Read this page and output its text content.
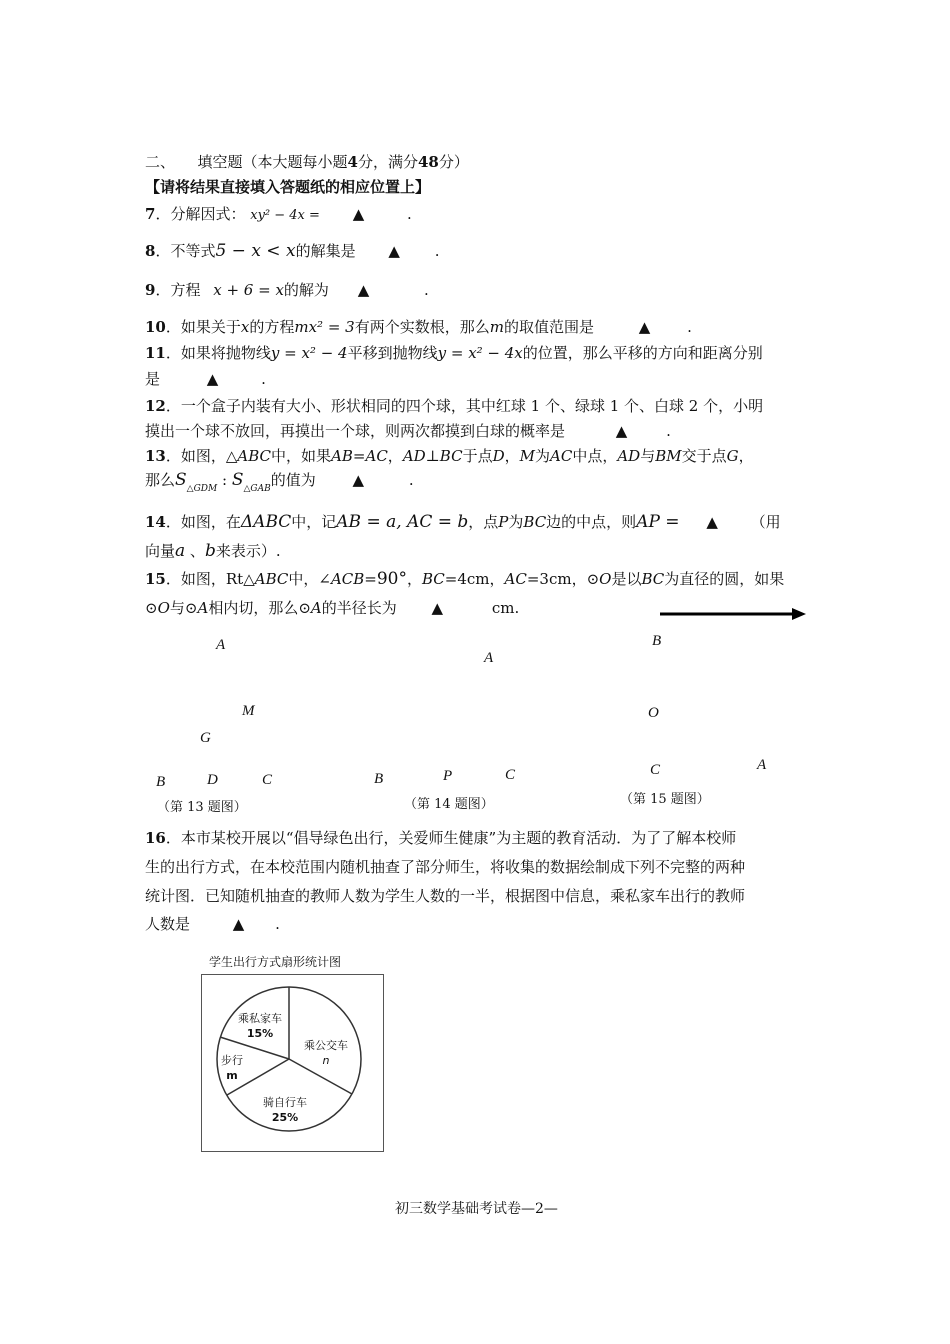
二、　　填空题（本大题每小题4分，满分48分）
【请将结果直接填入答题纸的相应位置上】
7．分解因式： xy² − 4x = ▲	.
8．不等式5 − x < x的解集是 ▲ .
9．方程 x + 6 = x的解为 ▲	.
10．如果关于x的方程mx² = 3有两个实数根，那么m的取值范围是	▲ .
11．如果将抛物线y = x² − 4平移到抛物线y = x² − 4x的位置，那么平移的方向和距离分别
是	▲	.
12．一个盒子内装有大小、形状相同的四个球，其中红球 1 个、绿球 1 个、白球 2 个，小明
摸出一个球不放回，再摸出一个球，则两次都摸到白球的概率是	▲	.
13．如图，△ABC中，如果AB=AC，AD⊥BC于点D，M为AC中点，AD与BM交于点G，
那么$S_{\triangle GDM}$ : $S_{\triangle GAB}$的值为 ▲	.
14．如图，在ΔABC中，记AB = a, AC = b，点P为BC边的中点，则AP = ▲ （用
向量a 、b来表示）.
15．如图，Rt△ABC中，∠ACB=90°，BC=4cm，AC=3cm，⊙O是以BC为直径的圆，如果
⊙O与⊙A相内切，那么⊙A的半径长为 ▲	cm.
A
M
G
B	D	C
（第 13 题图）
A
B	P	C
（第 14 题图）
B
O
C	A
（第 15 题图）
16．本市某校开展以“倡导绿色出行，关爱师生健康”为主题的教育活动．为了了解本校师
生的出行方式，在本校范围内随机抽查了部分师生，将收集的数据绘制成下列不完整的两种
统计图．已知随机抽查的教师人数为学生人数的一半，根据图中信息，乘私家车出行的教师
人数是	▲ .
学生出行方式扇形统计图
乘公交车
n
骑自行车
25%
步行
m
乘私家车
15%
初三数学基础考试卷—2—
